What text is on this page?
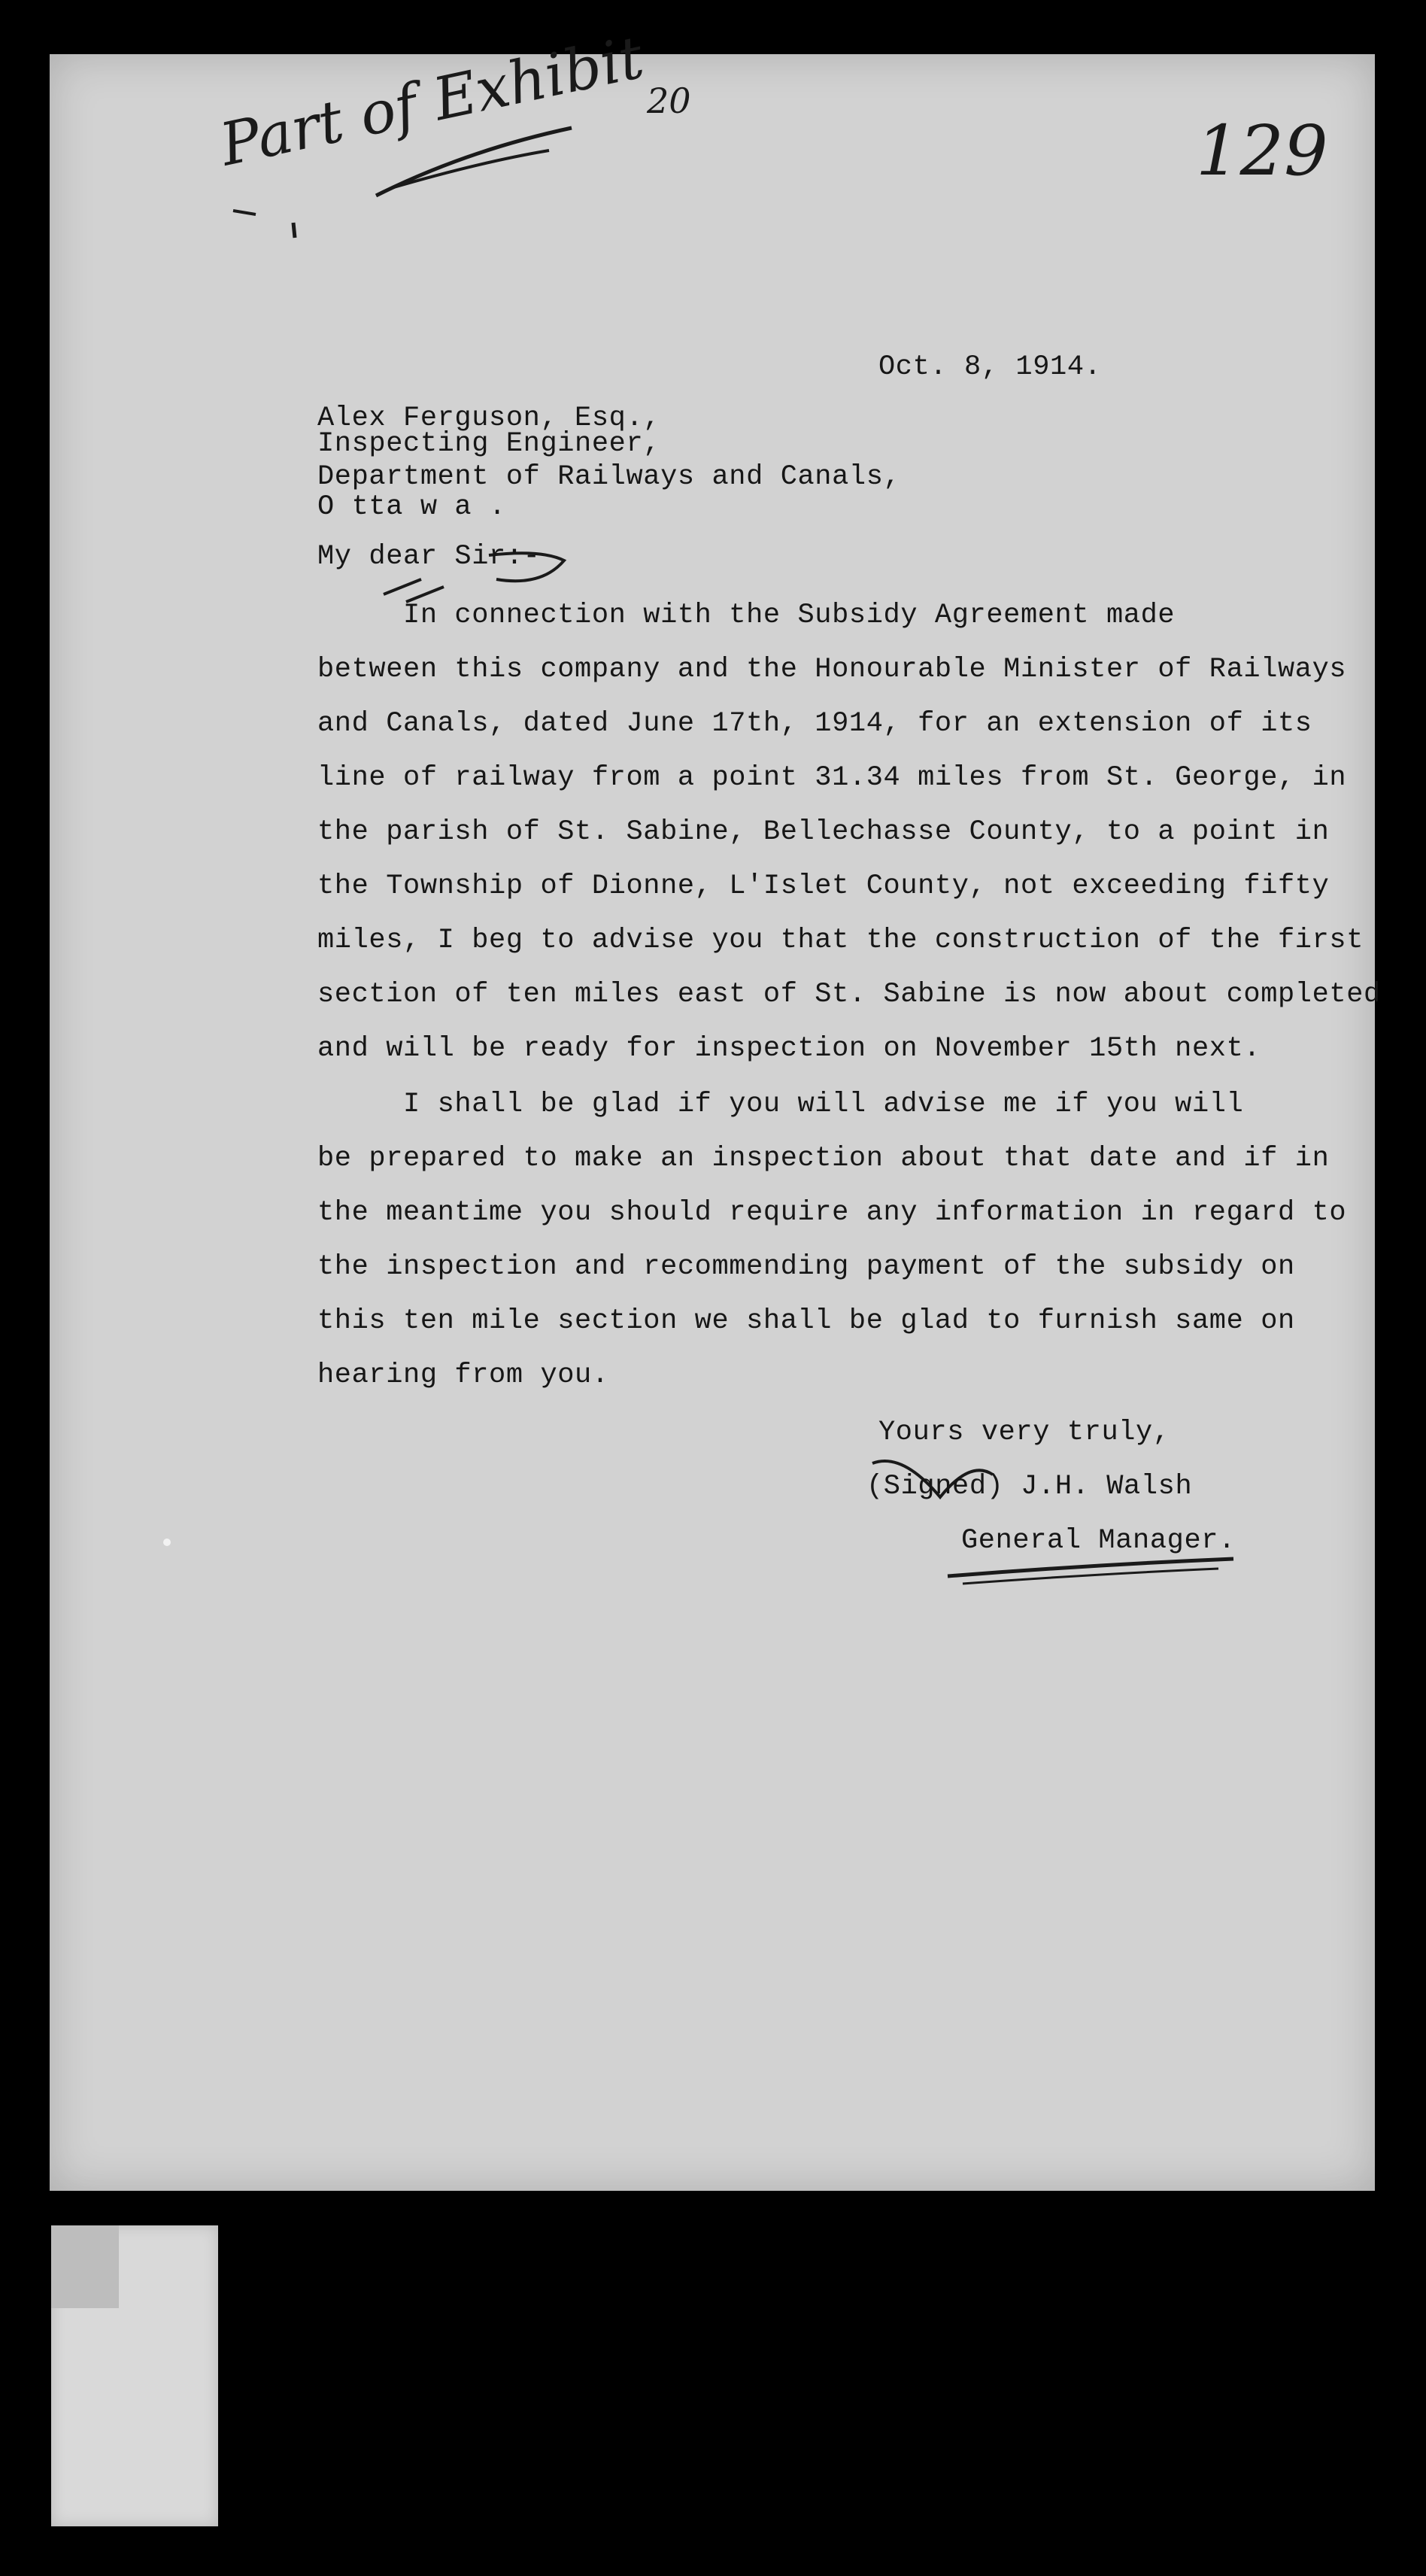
Part of Exhibit
20
129
Oct. 8, 1914.
Alex Ferguson, Esq.,
Inspecting Engineer,
Department of Railways and Canals,
O tta w a .
My dear Sir:-
In connection with the Subsidy Agreement made
between this company and the Honourable Minister of Railways
and Canals, dated June 17th, 1914, for an extension of its
line of railway from a point 31.34 miles from St. George, in
the parish of St. Sabine, Bellechasse County, to a point in
the Township of Dionne, L'Islet County, not exceeding fifty
miles, I beg to advise you that the construction of the first
section of ten miles east of St. Sabine is now about completed
and will be ready for inspection on November 15th next.
I shall be glad if you will advise me if you will
be prepared to make an inspection about that date and if in
the meantime you should require any information in regard to
the inspection and recommending payment of the subsidy on
this ten mile section we shall be glad to furnish same on
hearing from you.
Yours very truly,
(Signed) J.H. Walsh
General Manager.
